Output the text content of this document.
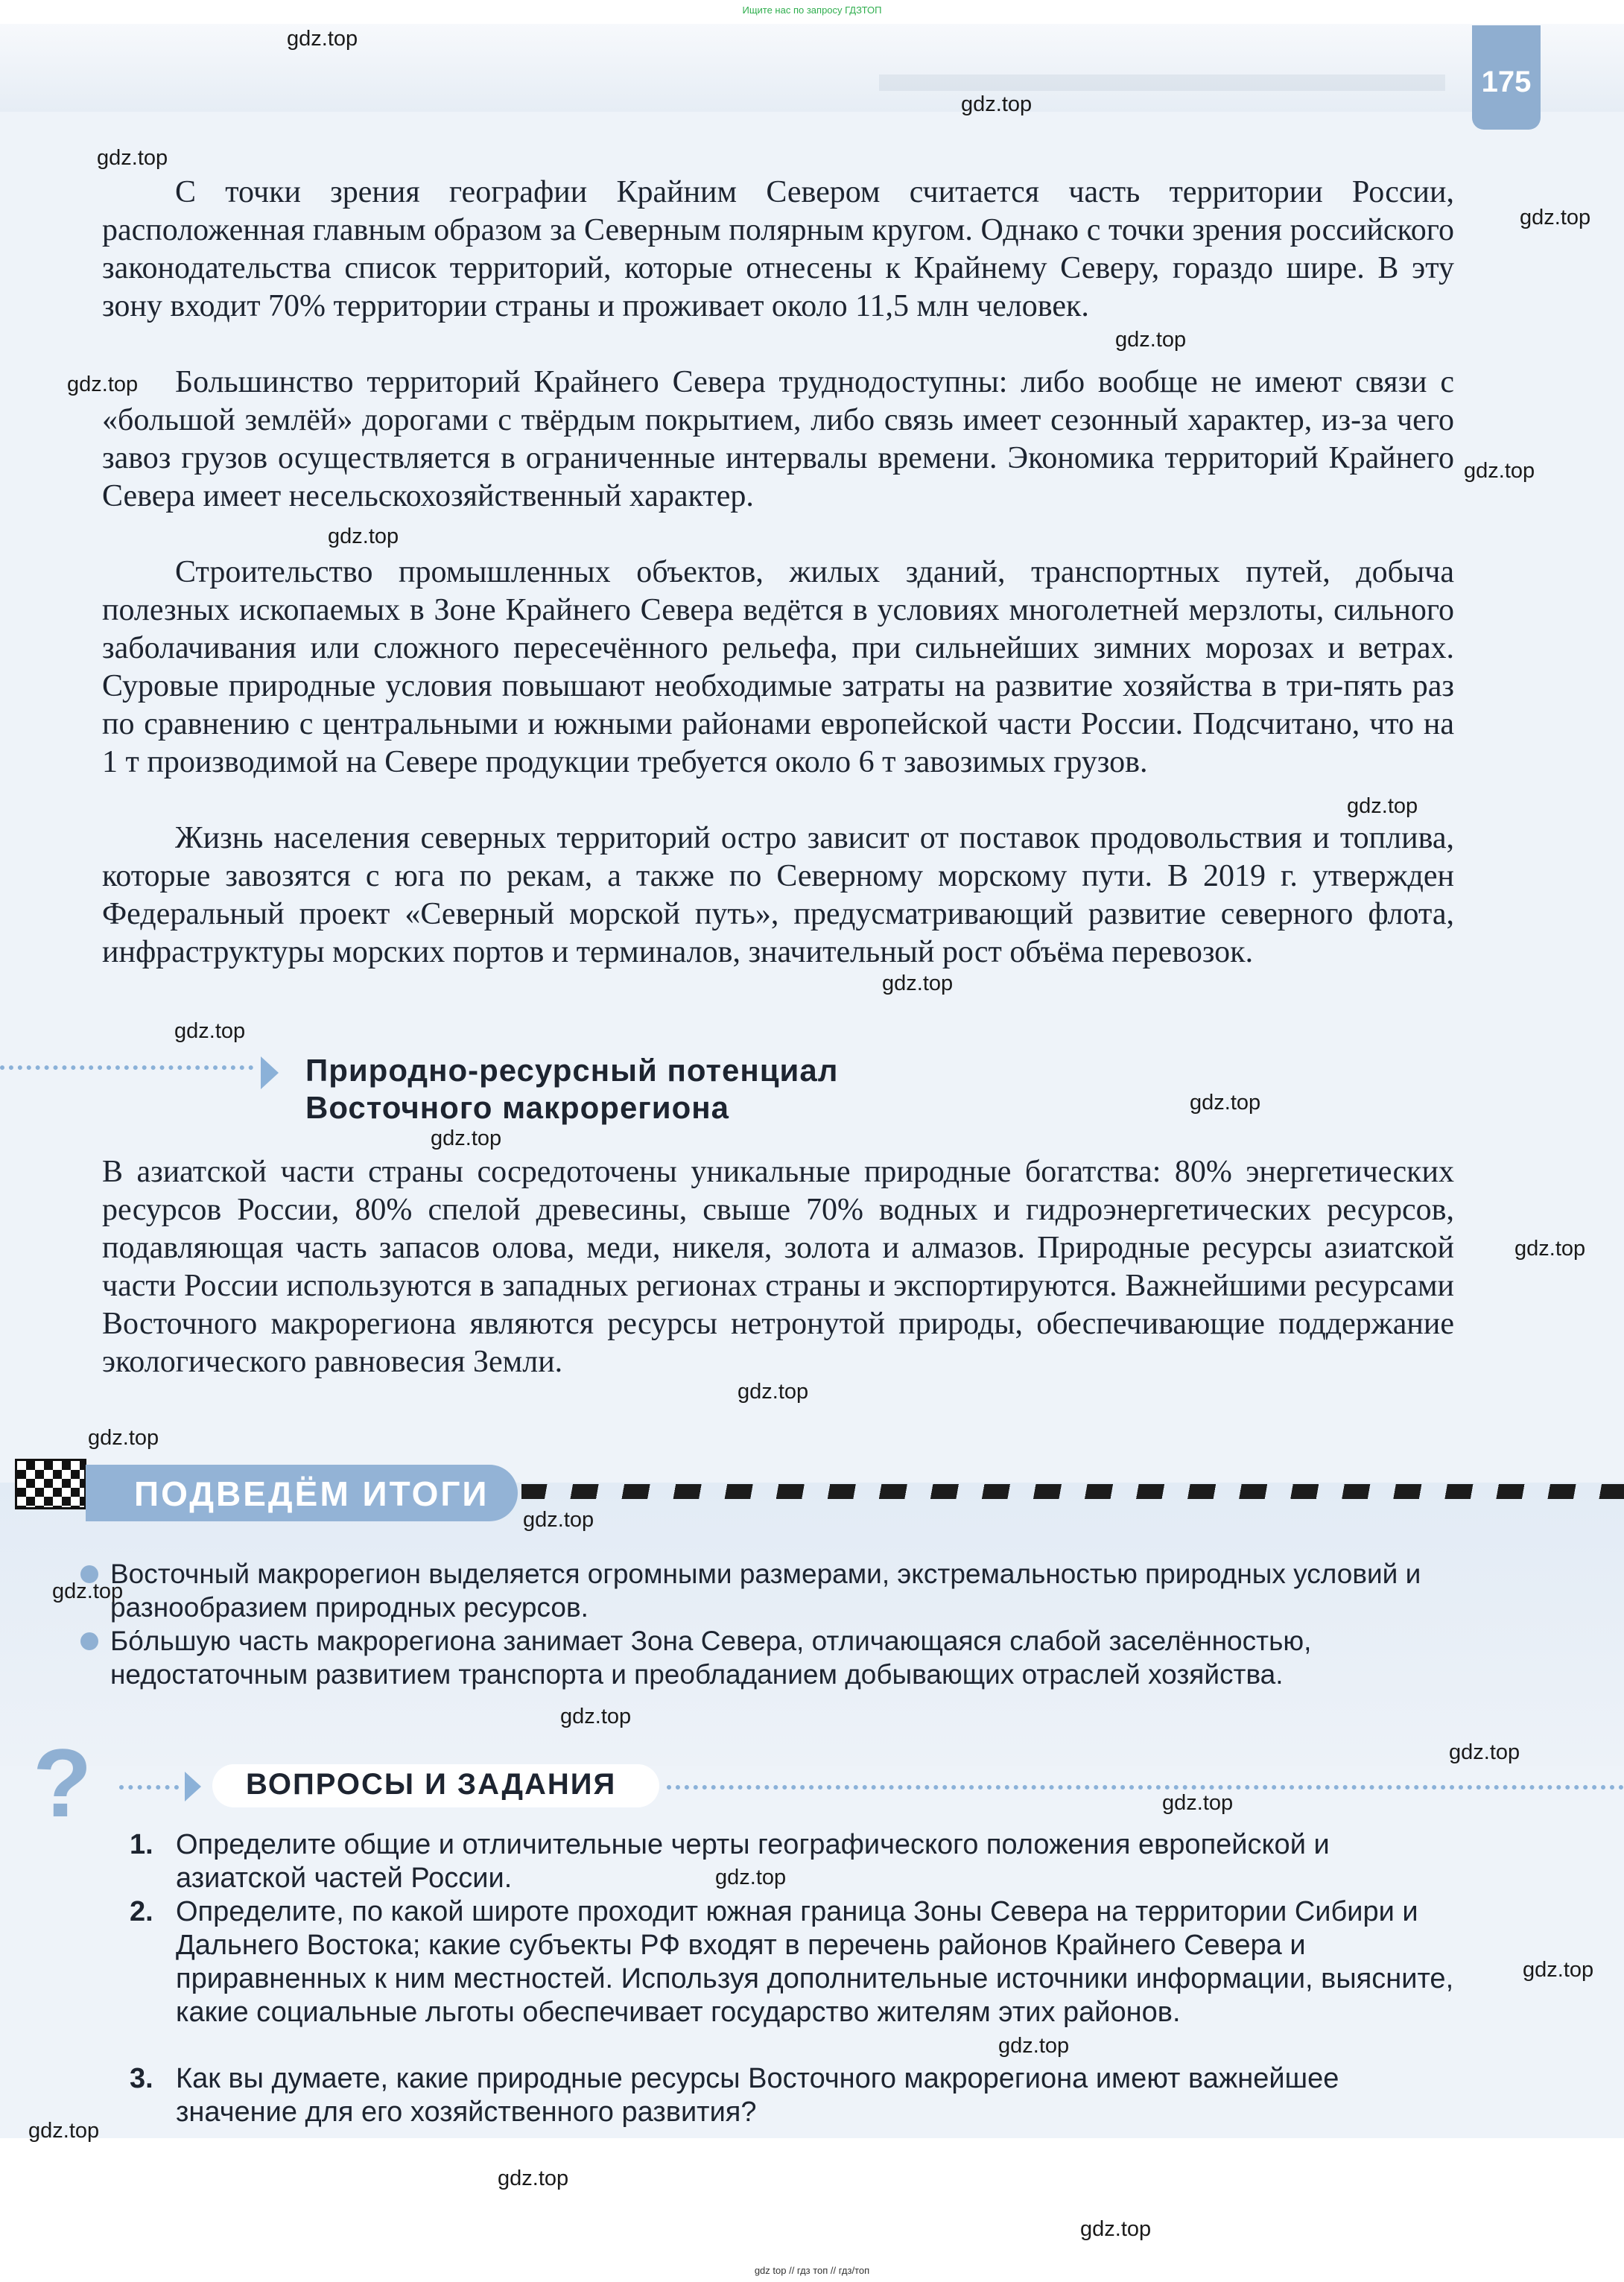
Ищите нас по запросу ГДЗТОП
175

С точки зрения географии Крайним Севером считается часть территории России, расположенная главным образом за Северным полярным кругом. Однако с точки зрения российского законодательства список территорий, которые отнесены к Крайнему Северу, гораздо шире. В эту зону входит 70% территории страны и проживает около 11,5 млн человек.

Большинство территорий Крайнего Севера труднодоступны: либо вообще не имеют связи с «большой землёй» дорогами с твёрдым покрытием, либо связь имеет сезонный характер, из-за чего завоз грузов осуществляется в ограниченные интервалы времени. Экономика территорий Крайнего Севера имеет несельскохозяйственный характер.

Строительство промышленных объектов, жилых зданий, транспортных путей, добыча полезных ископаемых в Зоне Крайнего Севера ведётся в условиях многолетней мерзлоты, сильного заболачивания или сложного пересечённого рельефа, при сильнейших зимних морозах и ветрах. Суровые природные условия повышают необходимые затраты на развитие хозяйства в три-пять раз по сравнению с центральными и южными районами европейской части России. Подсчитано, что на 1 т производимой на Севере продукции требуется около 6 т завозимых грузов.

Жизнь населения северных территорий остро зависит от поставок продовольствия и топлива, которые завозятся с юга по рекам, а также по Северному морскому пути. В 2019 г. утвержден Федеральный проект «Северный морской путь», предусматривающий развитие северного флота, инфраструктуры морских портов и терминалов, значительный рост объёма перевозок.

Природно-ресурсный потенциал
Восточного макрорегиона

В азиатской части страны сосредоточены уникальные природные богатства: 80% энергетических ресурсов России, 80% спелой древесины, свыше 70% водных и гидроэнергетических ресурсов, подавляющая часть запасов олова, меди, никеля, золота и алмазов. Природные ресурсы азиатской части России используются в западных регионах страны и экспортируются. Важнейшими ресурсами Восточного макрорегиона являются ресурсы нетронутой природы, обеспечивающие поддержание экологического равновесия Земли.

ПОДВЕДЁМ ИТОГИ

Восточный макрорегион выделяется огромными размерами, экстремальностью природных условий и разнообразием природных ресурсов.

Бо́льшую часть макрорегиона занимает Зона Севера, отличающаяся слабой заселённостью, недостаточным развитием транспорта и преобладанием добывающих отраслей хозяйства.

?	ВОПРОСЫ И ЗАДАНИЯ

1. Определите общие и отличительные черты географического положения европейской и азиатской частей России.

2. Определите, по какой широте проходит южная граница Зоны Севера на территории Сибири и Дальнего Востока; какие субъекты РФ входят в перечень районов Крайнего Севера и приравненных к ним местностей. Используя дополнительные источники информации, выясните, какие социальные льготы обеспечивает государство жителям этих районов.

3. Как вы думаете, какие природные ресурсы Восточного макрорегиона имеют важнейшее значение для его хозяйственного развития?

gdz top // гдз топ // гдз/топ
gdz.top
gdz.top
gdz.top
gdz.top
gdz.top
gdz.top
gdz.top
gdz.top
gdz.top
gdz.top
gdz.top
gdz.top
gdz.top
gdz.top
gdz.top
gdz.top
gdz.top
gdz.top
gdz.top
gdz.top
gdz.top
gdz.top
gdz.top
gdz.top
gdz.top
gdz.top
gdz.top
